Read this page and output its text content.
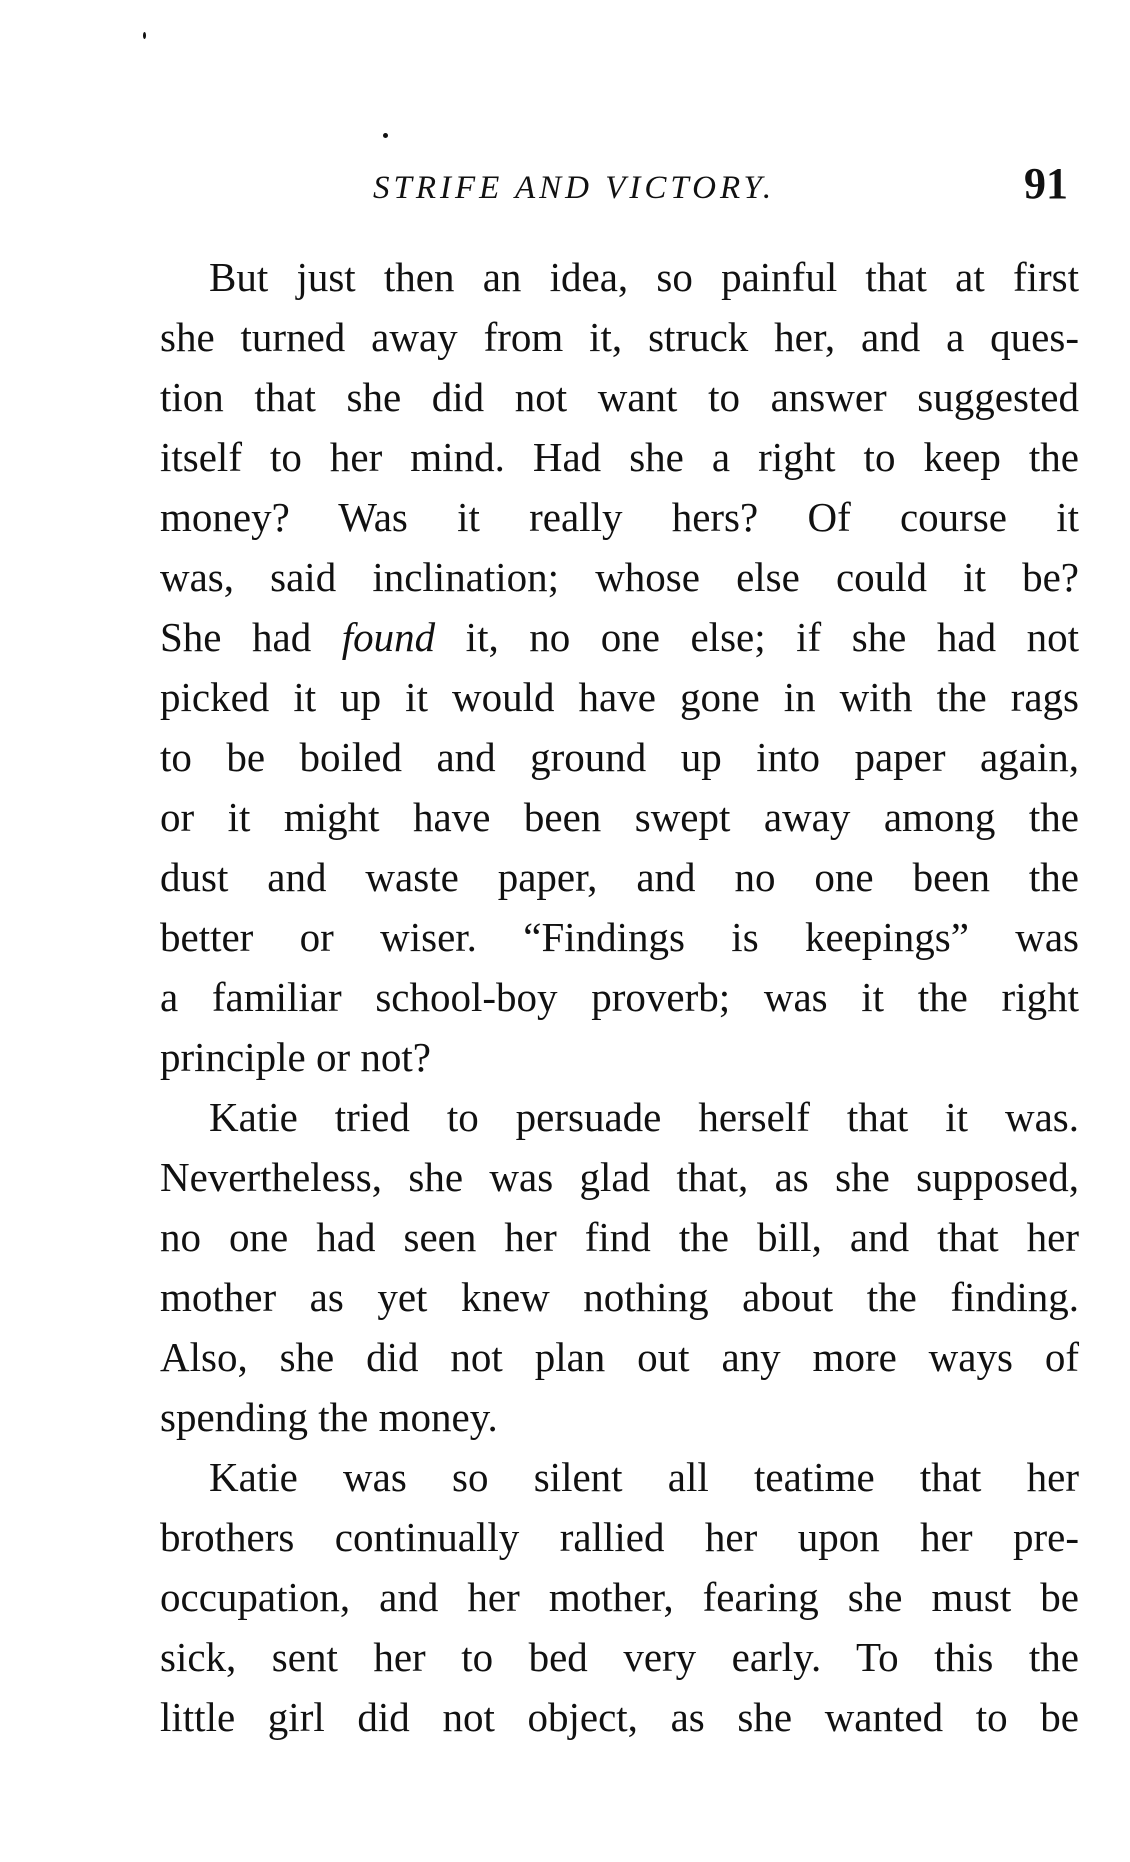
STRIFE AND VICTORY.	91

But just then an idea, so painful that at first
she turned away from it, struck her, and a ques-
tion that she did not want to answer suggested
itself to her mind. Had she a right to keep the
money? Was it really hers? Of course it
was, said inclination; whose else could it be?
She had found it, no one else; if she had not
picked it up it would have gone in with the rags
to be boiled and ground up into paper again,
or it might have been swept away among the
dust and waste paper, and no one been the
better or wiser. “Findings is keepings” was
a familiar school-boy proverb; was it the right
principle or not?

Katie tried to persuade herself that it was.
Nevertheless, she was glad that, as she supposed,
no one had seen her find the bill, and that her
mother as yet knew nothing about the finding.
Also, she did not plan out any more ways of
spending the money.

Katie was so silent all teatime that her
brothers continually rallied her upon her pre-
occupation, and her mother, fearing she must be
sick, sent her to bed very early. To this the
little girl did not object, as she wanted to be
